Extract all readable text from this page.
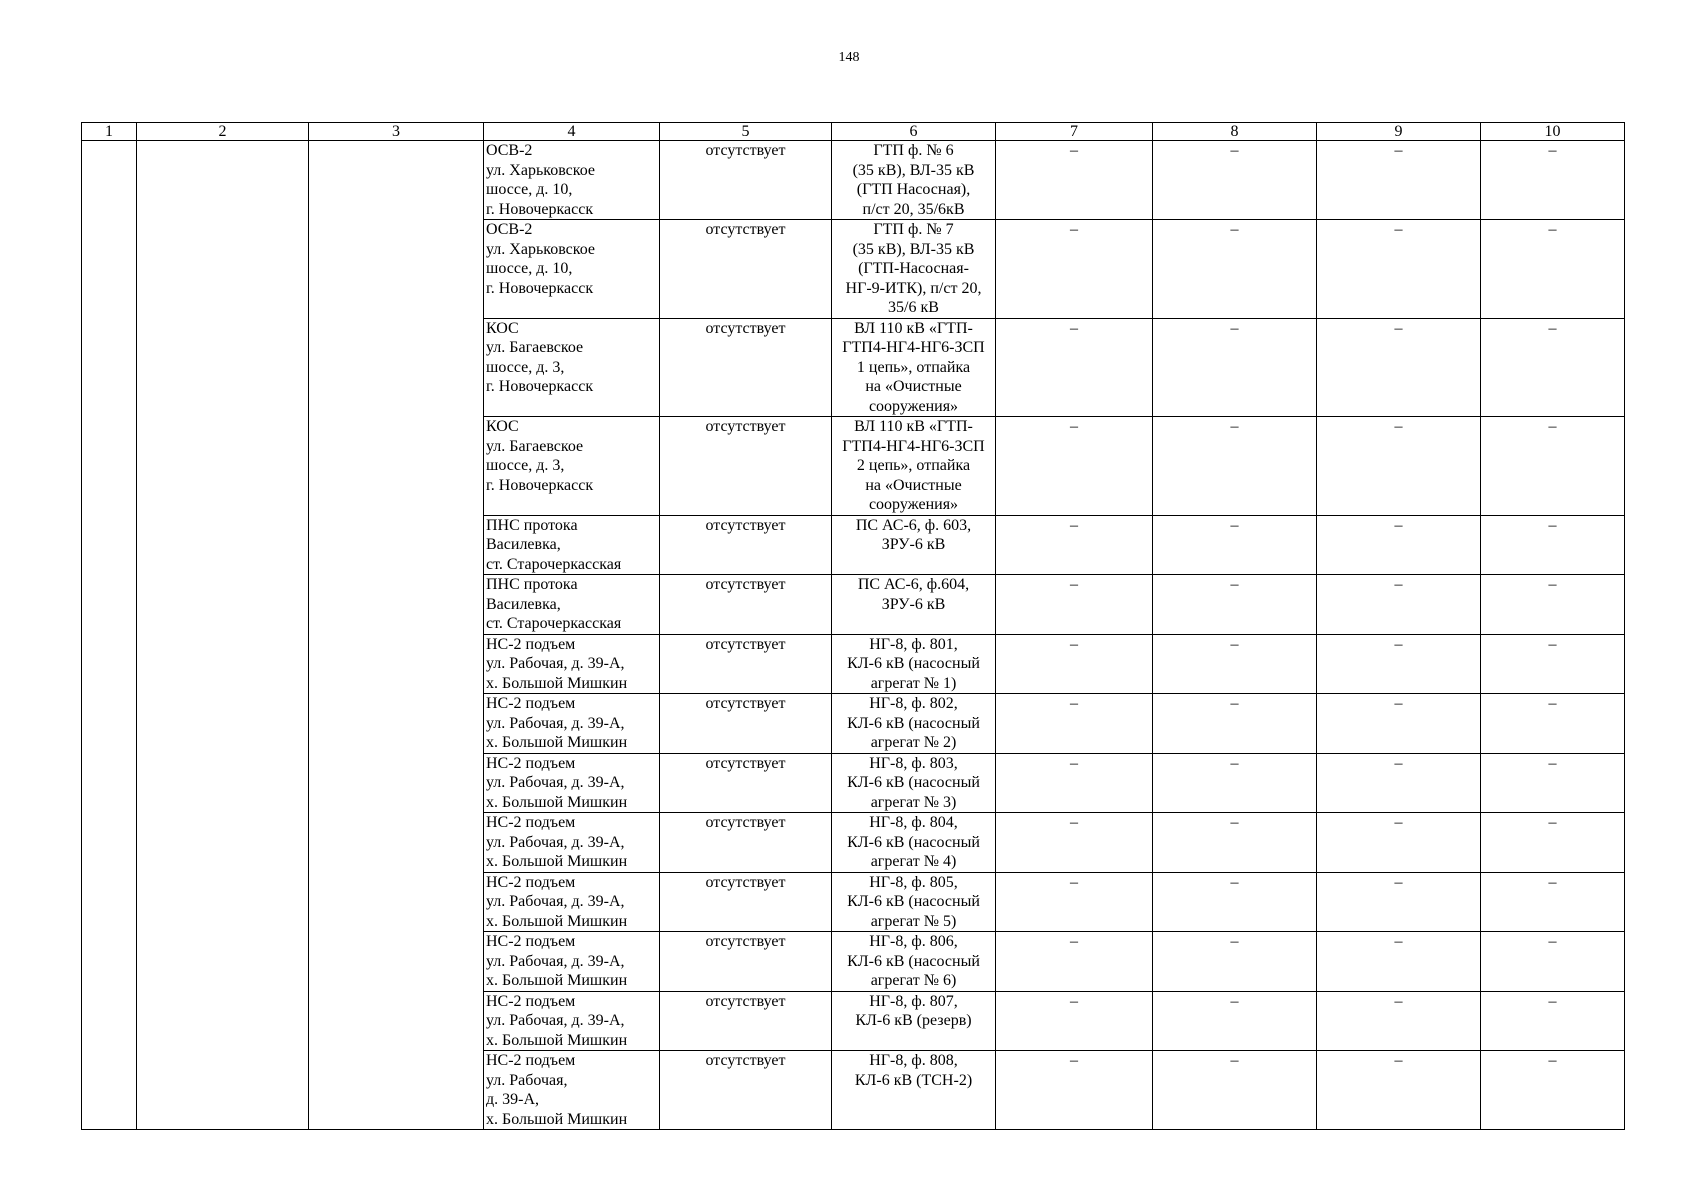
148
1	2	3	4	5	6	7	8	9	10
			ОСВ-2
ул. Харьковское
шоссе, д. 10,
г. Новочеркасск	отсутствует	ГТП ф. № 6
(35 кВ), ВЛ-35 кВ
(ГТП Насосная),
п/ст 20, 35/6кВ	–	–	–	–
			ОСВ-2
ул. Харьковское
шоссе, д. 10,
г. Новочеркасск	отсутствует	ГТП ф. № 7
(35 кВ), ВЛ-35 кВ
(ГТП-Насосная-
НГ-9-ИТК), п/ст 20,
35/6 кВ	–	–	–	–
			КОС
ул. Багаевское
шоссе, д. 3,
г. Новочеркасск	отсутствует	ВЛ 110 кВ «ГТП-
ГТП4-НГ4-НГ6-ЗСП
1 цепь», отпайка
на «Очистные
сооружения»	–	–	–	–
			КОС
ул. Багаевское
шоссе, д. 3,
г. Новочеркасск	отсутствует	ВЛ 110 кВ «ГТП-
ГТП4-НГ4-НГ6-ЗСП
2 цепь», отпайка
на «Очистные
сооружения»	–	–	–	–
			ПНС протока
Василевка,
ст. Старочеркасская	отсутствует	ПС АС-6, ф. 603,
ЗРУ-6 кВ	–	–	–	–
			ПНС протока
Василевка,
ст. Старочеркасская	отсутствует	ПС АС-6, ф.604,
ЗРУ-6 кВ	–	–	–	–
			НС-2 подъем
ул. Рабочая, д. 39-А,
х. Большой Мишкин	отсутствует	НГ-8, ф. 801,
КЛ-6 кВ (насосный
агрегат № 1)	–	–	–	–
			НС-2 подъем
ул. Рабочая, д. 39-А,
х. Большой Мишкин	отсутствует	НГ-8, ф. 802,
КЛ-6 кВ (насосный
агрегат № 2)	–	–	–	–
			НС-2 подъем
ул. Рабочая, д. 39-А,
х. Большой Мишкин	отсутствует	НГ-8, ф. 803,
КЛ-6 кВ (насосный
агрегат № 3)	–	–	–	–
			НС-2 подъем
ул. Рабочая, д. 39-А,
х. Большой Мишкин	отсутствует	НГ-8, ф. 804,
КЛ-6 кВ (насосный
агрегат № 4)	–	–	–	–
			НС-2 подъем
ул. Рабочая, д. 39-А,
х. Большой Мишкин	отсутствует	НГ-8, ф. 805,
КЛ-6 кВ (насосный
агрегат № 5)	–	–	–	–
			НС-2 подъем
ул. Рабочая, д. 39-А,
х. Большой Мишкин	отсутствует	НГ-8, ф. 806,
КЛ-6 кВ (насосный
агрегат № 6)	–	–	–	–
			НС-2 подъем
ул. Рабочая, д. 39-А,
х. Большой Мишкин	отсутствует	НГ-8, ф. 807,
КЛ-6 кВ (резерв)	–	–	–	–
			НС-2 подъем
ул. Рабочая,
д. 39-А,
х. Большой Мишкин	отсутствует	НГ-8, ф. 808,
КЛ-6 кВ (ТСН-2)	–	–	–	–
